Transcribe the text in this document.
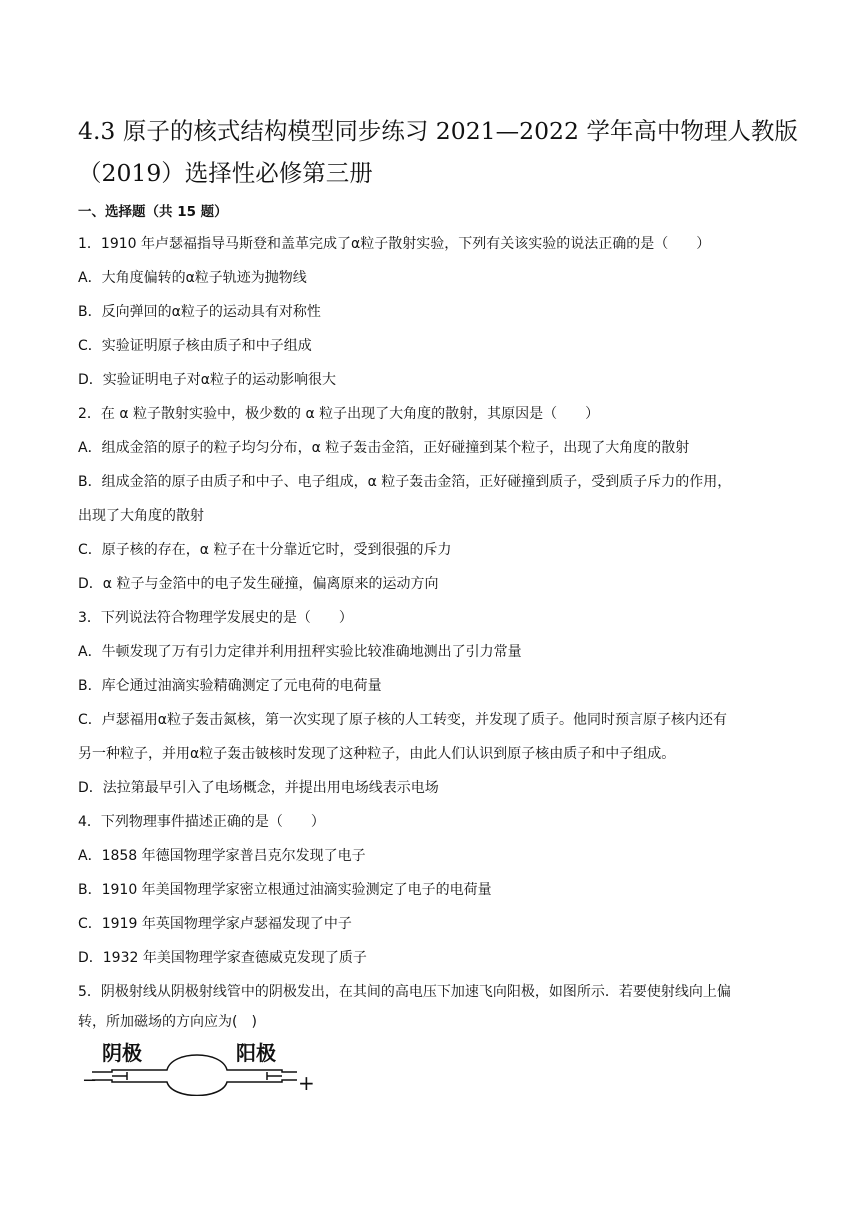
4.3 原子的核式结构模型同步练习 2021—2022 学年高中物理人教版
（2019）选择性必修第三册
一、选择题（共 15 题）
1．1910 年卢瑟福指导马斯登和盖革完成了α粒子散射实验，下列有关该实验的说法正确的是（　　）
A．大角度偏转的α粒子轨迹为抛物线
B．反向弹回的α粒子的运动具有对称性
C．实验证明原子核由质子和中子组成
D．实验证明电子对α粒子的运动影响很大
2．在 α 粒子散射实验中，极少数的 α 粒子出现了大角度的散射，其原因是（　　）
A．组成金箔的原子的粒子均匀分布，α 粒子轰击金箔，正好碰撞到某个粒子，出现了大角度的散射
B．组成金箔的原子由质子和中子、电子组成，α 粒子轰击金箔，正好碰撞到质子，受到质子斥力的作用，
出现了大角度的散射
C．原子核的存在，α 粒子在十分靠近它时，受到很强的斥力
D．α 粒子与金箔中的电子发生碰撞，偏离原来的运动方向
3．下列说法符合物理学发展史的是（　　）
A．牛顿发现了万有引力定律并利用扭秤实验比较准确地测出了引力常量
B．库仑通过油滴实验精确测定了元电荷的电荷量
C．卢瑟福用α粒子轰击氮核，第一次实现了原子核的人工转变，并发现了质子。他同时预言原子核内还有
另一种粒子，并用α粒子轰击铍核时发现了这种粒子，由此人们认识到原子核由质子和中子组成。
D．法拉第最早引入了电场概念，并提出用电场线表示电场
4．下列物理事件描述正确的是（　　）
A．1858 年德国物理学家普吕克尔发现了电子
B．1910 年美国物理学家密立根通过油滴实验测定了电子的电荷量
C．1919 年英国物理学家卢瑟福发现了中子
D．1932 年美国物理学家查德威克发现了质子
5．阴极射线从阴极射线管中的阴极发出，在其间的高电压下加速飞向阳极，如图所示．若要使射线向上偏
转，所加磁场的方向应为(　)
阴极	阳极
−	+
